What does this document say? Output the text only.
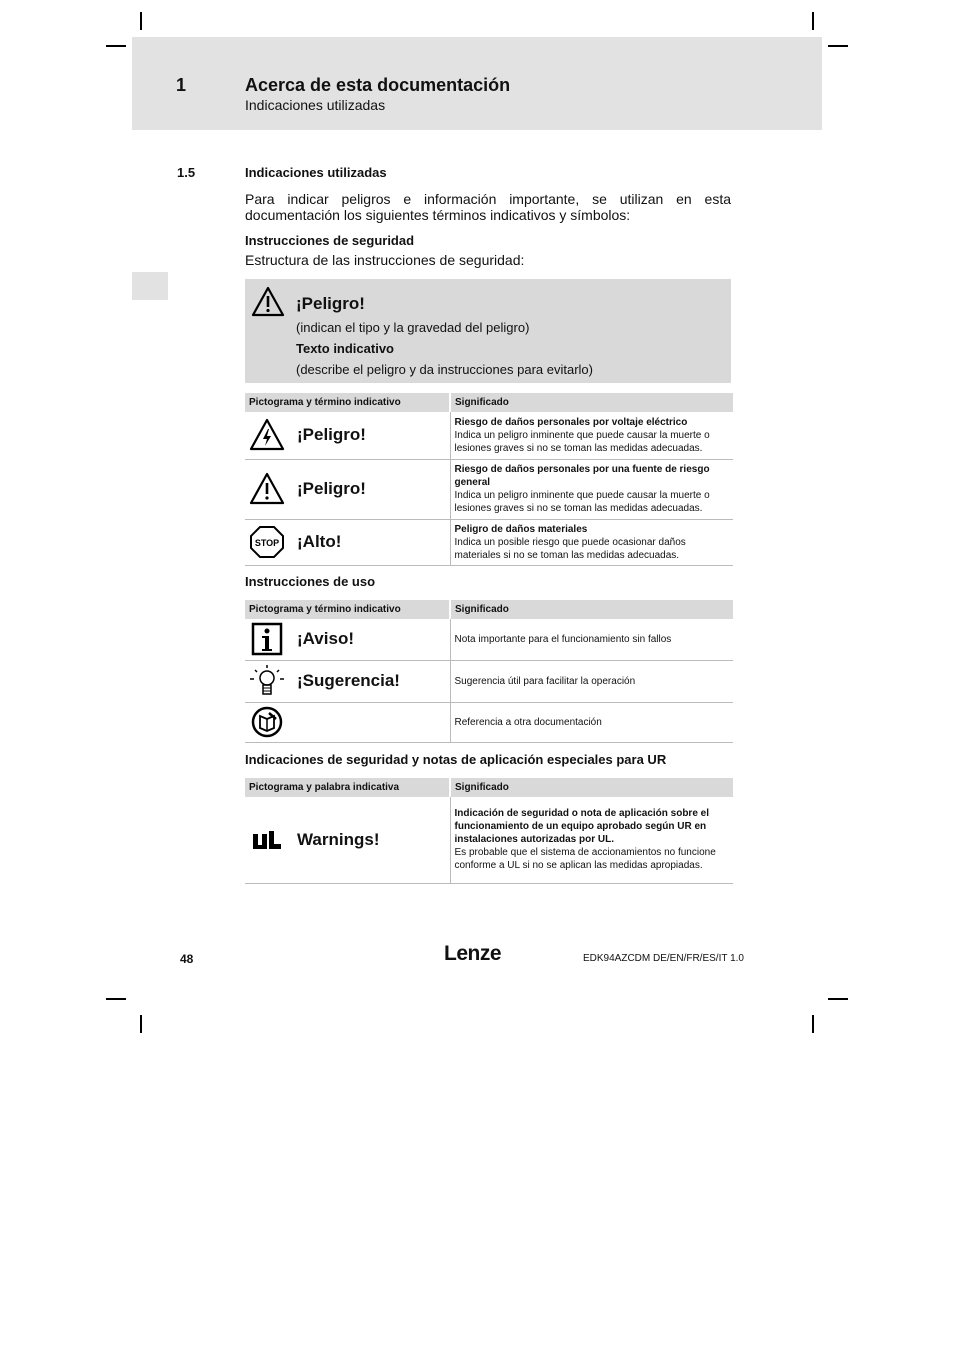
1	Acerca de esta documentación
Indicaciones utilizadas
1.5	Indicaciones utilizadas
Para indicar peligros e información importante, se utilizan en esta documentación los siguientes términos indicativos y símbolos:
Instrucciones de seguridad
Estructura de las instrucciones de seguridad:
¡Peligro!
(indican el tipo y la gravedad del peligro)
Texto indicativo
(describe el peligro y da instrucciones para evitarlo)
Pictograma y término indicativo	Significado

¡Peligro!	Riesgo de daños personales por voltaje eléctrico
Indica un peligro inminente que puede causar la muerte o lesiones graves si no se toman las medidas adecuadas.

¡Peligro!	Riesgo de daños personales por una fuente de riesgo general
Indica un peligro inminente que puede causar la muerte o lesiones graves si no se toman las medidas adecuadas.

STOP ¡Alto!	Peligro de daños materiales
Indica un posible riesgo que puede ocasionar daños materiales si no se toman las medidas adecuadas.
Instrucciones de uso
Pictograma y término indicativo	Significado

¡Aviso!	Nota importante para el funcionamiento sin fallos

¡Sugerencia!	Sugerencia útil para facilitar la operación

Referencia a otra documentación
Indicaciones de seguridad y notas de aplicación especiales para UR
Pictograma y palabra indicativa	Significado

Warnings!	Indicación de seguridad o nota de aplicación sobre el funcionamiento de un equipo aprobado según UR en instalaciones autorizadas por UL.
Es probable que el sistema de accionamientos no funcione conforme a UL si no se aplican las medidas apropiadas.
48	Lenze	EDK94AZCDM DE/EN/FR/ES/IT 1.0
